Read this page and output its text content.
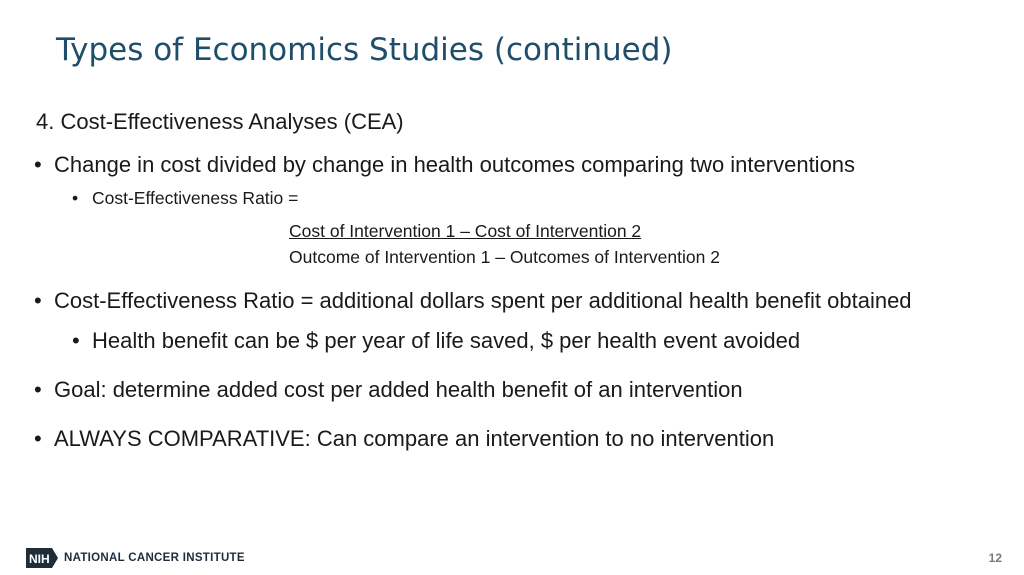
Types of Economics Studies (continued)
4. Cost-Effectiveness Analyses (CEA)
• Change in cost divided by change in health outcomes comparing two interventions
• Cost-Effectiveness Ratio =
Cost of Intervention 1 – Cost of Intervention 2
Outcome of Intervention 1 – Outcomes of Intervention 2
• Cost-Effectiveness Ratio = additional dollars spent per additional health benefit obtained
• Health benefit can be $ per year of life saved, $ per health event avoided
• Goal: determine added cost per added health benefit of an intervention
• ALWAYS COMPARATIVE: Can compare an intervention to no intervention
NIH NATIONAL CANCER INSTITUTE	12
